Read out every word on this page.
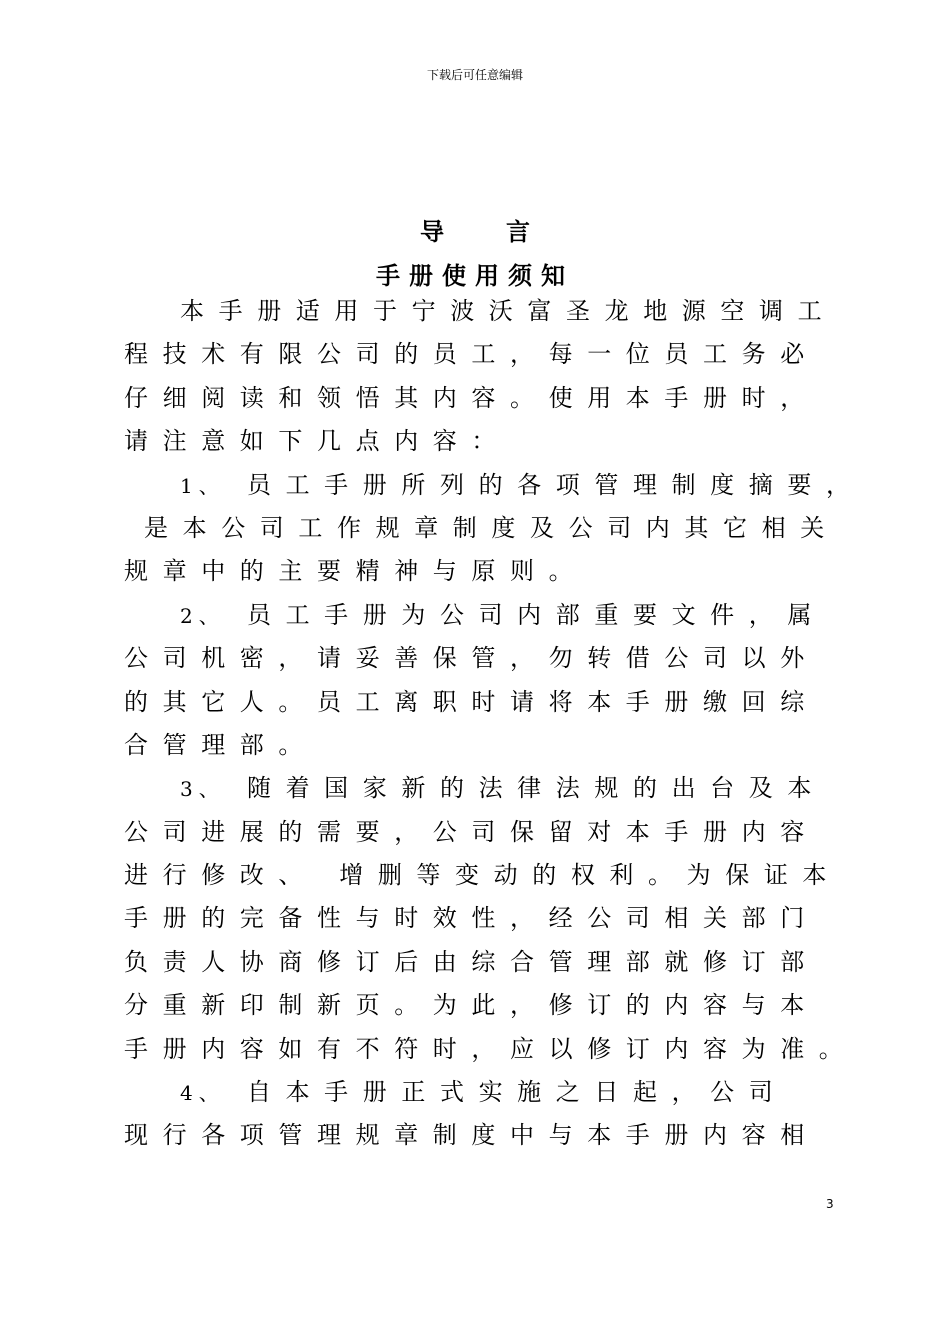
下载后可任意编辑
导	言
手册使用须知
本手册适用于宁波沃富圣龙地源空调工
程技术有限公司的员工，每一位员工务必
仔细阅读和领悟其内容。使用本手册时，
请注意如下几点内容：
1、 员工手册所列的各项管理制度摘要，
是本公司工作规章制度及公司内其它相关
规章中的主要精神与原则。
2、 员工手册为公司内部重要文件，属
公司机密，请妥善保管，勿转借公司以外
的其它人。员工离职时请将本手册缴回综
合管理部。
3、 随着国家新的法律法规的出台及本
公司进展的需要，公司保留对本手册内容
进行修改、 增删等变动的权利。为保证本
手册的完备性与时效性，经公司相关部门
负责人协商修订后由综合管理部就修订部
分重新印制新页。为此，修订的内容与本
手册内容如有不符时，应以修订内容为准。
4、 自本手册正式实施之日起，公司
现行各项管理规章制度中与本手册内容相
3
